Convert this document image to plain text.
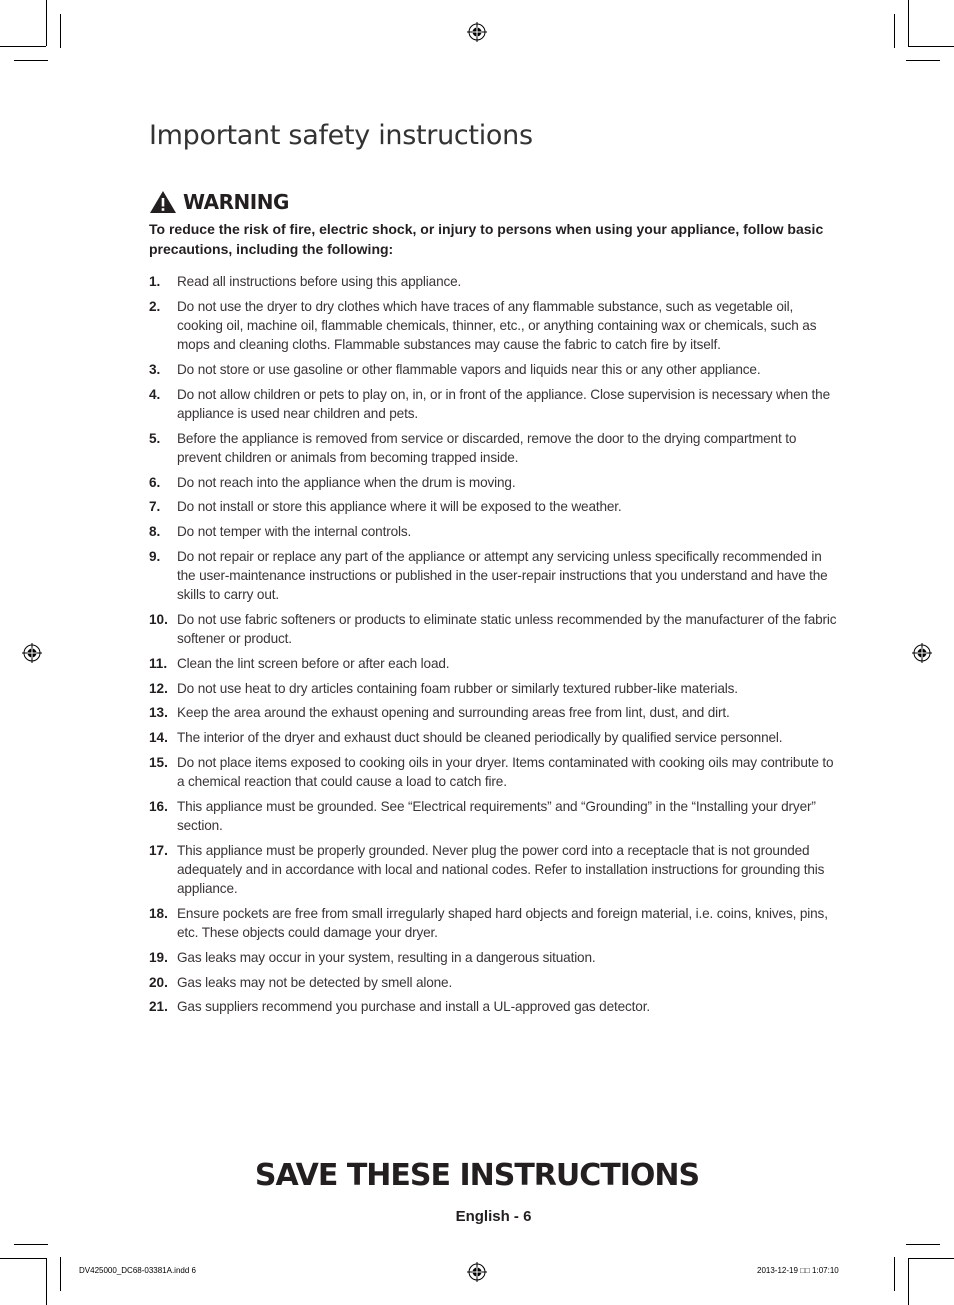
Important safety instructions
WARNING

To reduce the risk of fire, electric shock, or injury to persons when using your appliance, follow basic precautions, including the following:

1.	Read all instructions before using this appliance.
2.	Do not use the dryer to dry clothes which have traces of any flammable substance, such as vegetable oil, cooking oil, machine oil, flammable chemicals, thinner, etc., or anything containing wax or chemicals, such as mops and cleaning cloths. Flammable substances may cause the fabric to catch fire by itself.
3.	Do not store or use gasoline or other flammable vapors and liquids near this or any other appliance.
4.	Do not allow children or pets to play on, in, or in front of the appliance. Close supervision is necessary when the appliance is used near children and pets.
5.	Before the appliance is removed from service or discarded, remove the door to the drying compartment to prevent children or animals from becoming trapped inside.
6.	Do not reach into the appliance when the drum is moving.
7.	Do not install or store this appliance where it will be exposed to the weather.
8.	Do not temper with the internal controls.
9.	Do not repair or replace any part of the appliance or attempt any servicing unless specifically recommended in the user-maintenance instructions or published in the user-repair instructions that you understand and have the skills to carry out.
10. Do not use fabric softeners or products to eliminate static unless recommended by the manufacturer of the fabric softener or product.
11. Clean the lint screen before or after each load.
12. Do not use heat to dry articles containing foam rubber or similarly textured rubber-like materials.
13. Keep the area around the exhaust opening and surrounding areas free from lint, dust, and dirt.
14. The interior of the dryer and exhaust duct should be cleaned periodically by qualified service personnel.
15. Do not place items exposed to cooking oils in your dryer. Items contaminated with cooking oils may contribute to a chemical reaction that could cause a load to catch fire.
16. This appliance must be grounded. See “Electrical requirements” and “Grounding” in the “Installing your dryer” section.
17. This appliance must be properly grounded. Never plug the power cord into a receptacle that is not grounded adequately and in accordance with local and national codes. Refer to installation instructions for grounding this appliance.
18. Ensure pockets are free from small irregularly shaped hard objects and foreign material, i.e. coins, knives, pins, etc. These objects could damage your dryer.
19. Gas leaks may occur in your system, resulting in a dangerous situation.
20. Gas leaks may not be detected by smell alone.
21. Gas suppliers recommend you purchase and install a UL-approved gas detector.
SAVE THESE INSTRUCTIONS
English - 6
DV425000_DC68-03381A.indd 6	2013-12-19 □□ 1:07:10
